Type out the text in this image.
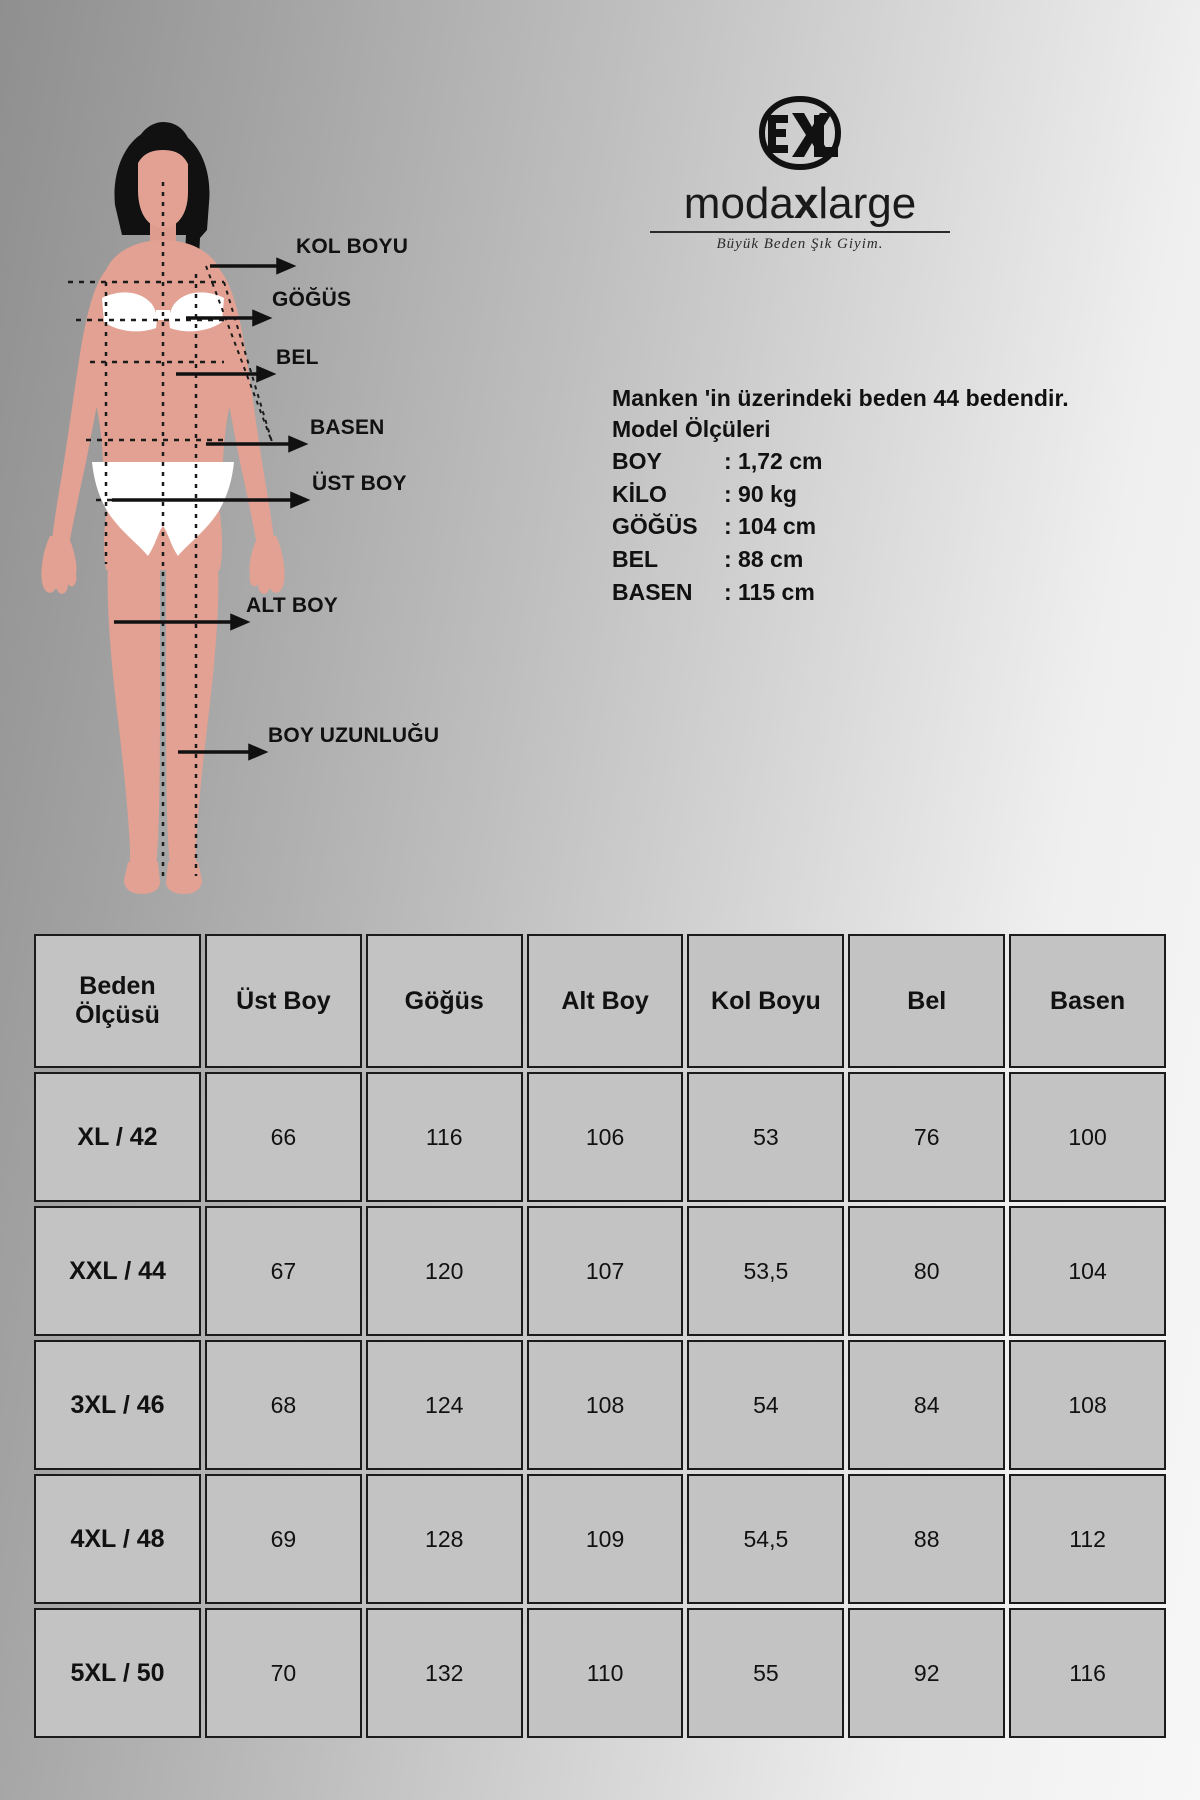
KOL BOYU
GÖĞÜS
BEL
BASEN
ÜST BOY
ALT BOY
BOY UZUNLUĞU
modaxlarge
Büyük Beden Şık Giyim.
Manken 'in üzerindeki beden 44 bedendir.
Model Ölçüleri
BOY	: 1,72 cm
KİLO	: 90 kg
GÖĞÜS	: 104 cm
BEL	: 88 cm
BASEN	: 115 cm
Beden Ölçüsü	Üst Boy	Göğüs	Alt Boy	Kol Boyu	Bel	Basen
XL / 42	66	116	106	53	76	100
XXL / 44	67	120	107	53,5	80	104
3XL / 46	68	124	108	54	84	108
4XL / 48	69	128	109	54,5	88	112
5XL / 50	70	132	110	55	92	116
